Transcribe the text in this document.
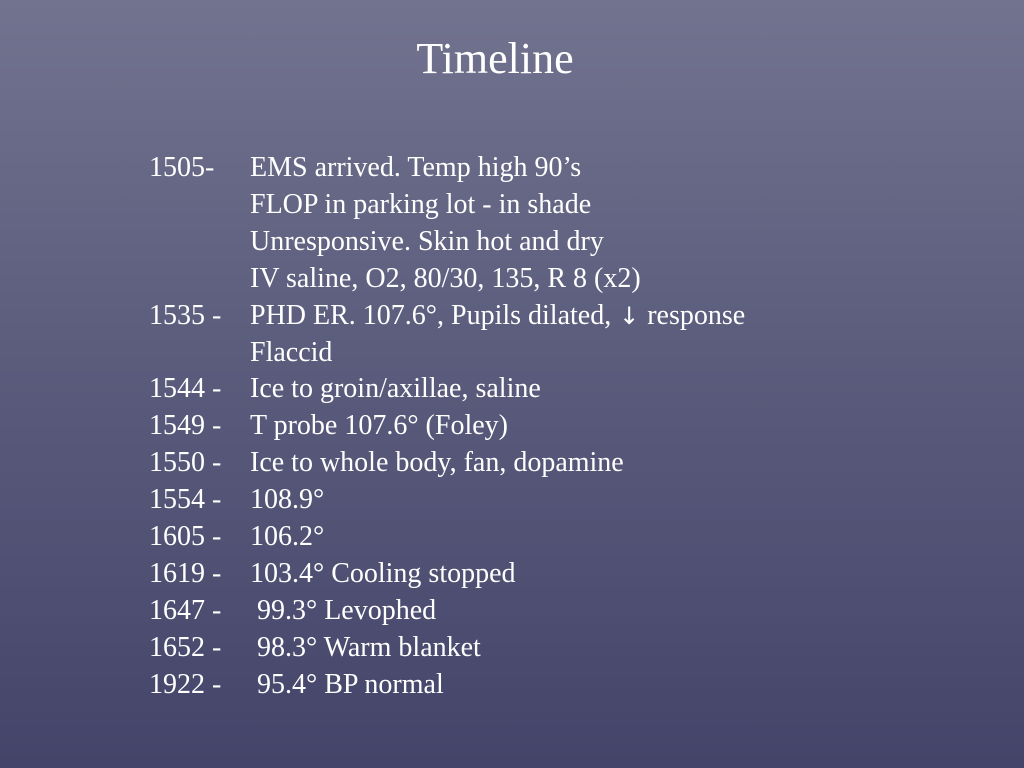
Timeline
1505-	EMS arrived. Temp high 90’s
FLOP in parking lot - in shade
Unresponsive. Skin hot and dry
IV saline, O2, 80/30, 135, R 8 (x2)
1535 -	PHD ER. 107.6°, Pupils dilated, ↓ response
Flaccid
1544 -	Ice to groin/axillae, saline
1549 -	T probe 107.6° (Foley)
1550 -	Ice to whole body, fan, dopamine
1554 -	108.9°
1605 -	106.2°
1619 -	103.4° Cooling stopped
1647 -	99.3° Levophed
1652 -	98.3° Warm blanket
1922 -	95.4° BP normal
